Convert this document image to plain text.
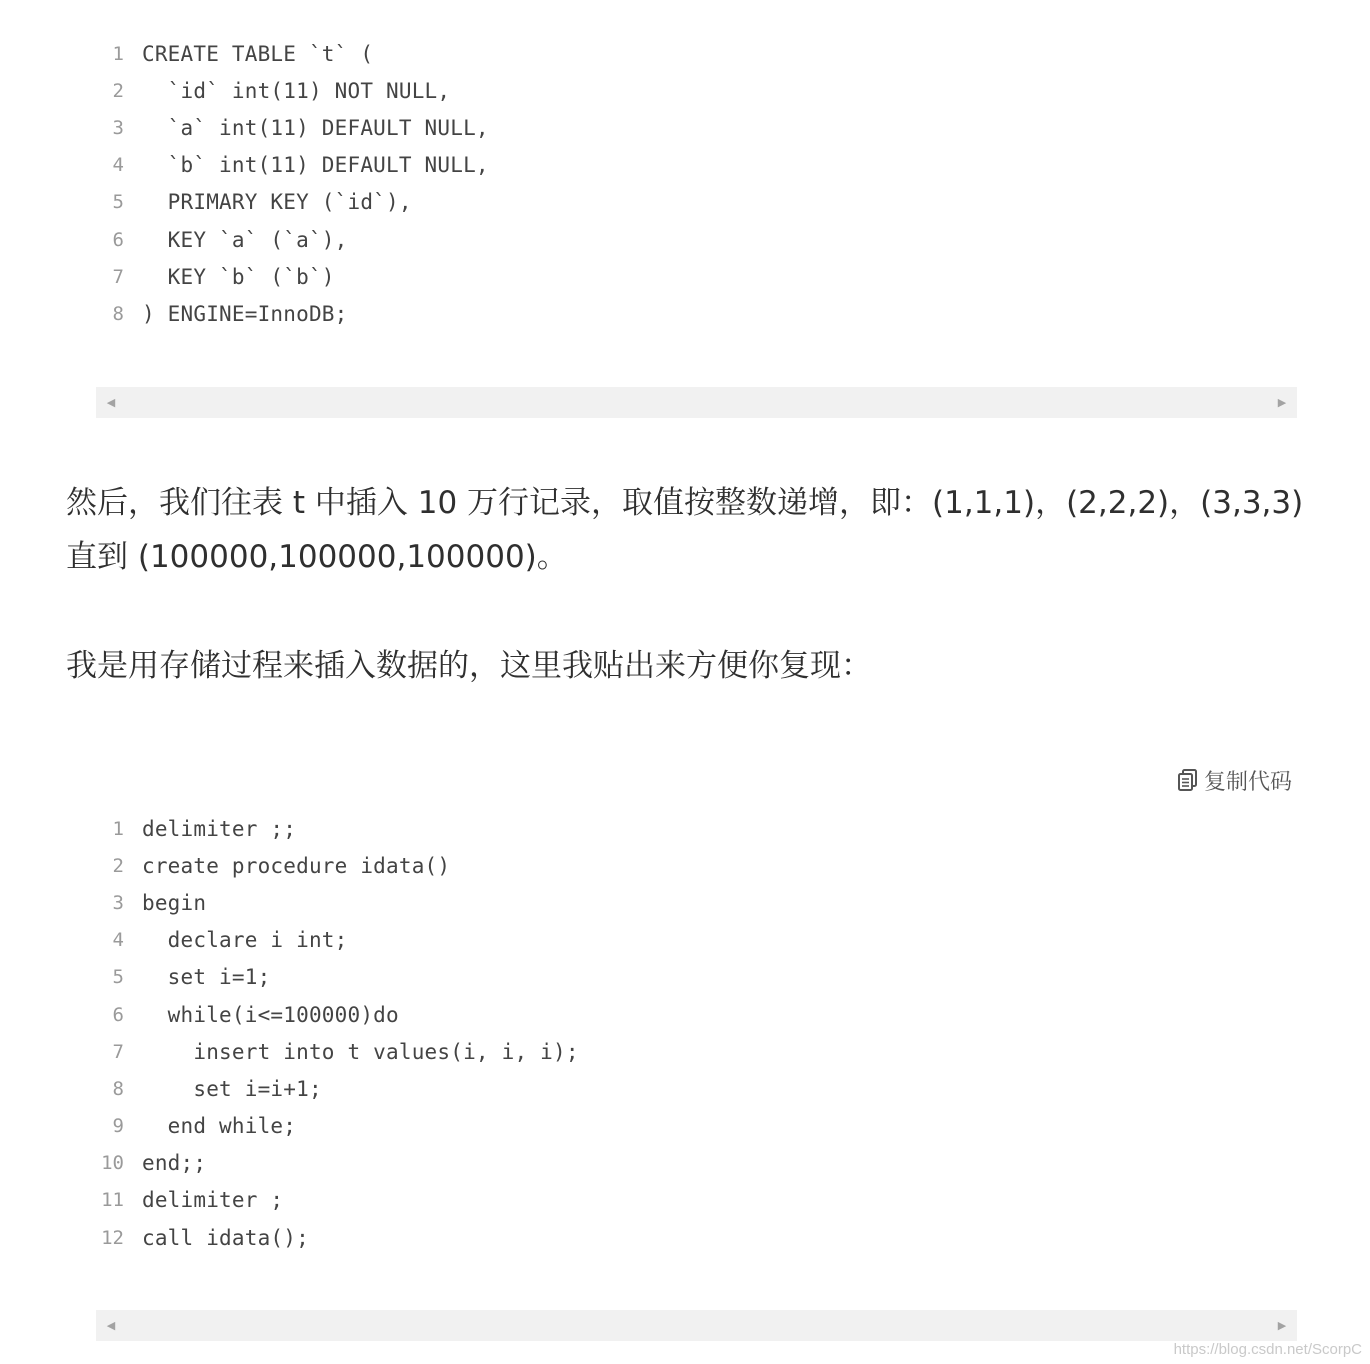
1 CREATE TABLE `t` (
2 `id` int(11) NOT NULL,
3 `a` int(11) DEFAULT NULL,
4 `b` int(11) DEFAULT NULL,
5 PRIMARY KEY (`id`),
6 KEY `a` (`a`),
7 KEY `b` (`b`)
8 ) ENGINE=InnoDB;
◀	▶

然后，我们往表 t 中插入 10 万行记录，取值按整数递增，即：(1,1,1)，(2,2,2)，(3,3,3) 直到 (100000,100000,100000)。

我是用存储过程来插入数据的，这里我贴出来方便你复现：

复制代码
1 delimiter ;;
2 create procedure idata()
3 begin
4 declare i int;
5 set i=1;
6 while(i<=100000)do
7 insert into t values(i, i, i);
8 set i=i+1;
9 end while;
10 end;;
11 delimiter ;
12 call idata();
◀	▶
https://blog.csdn.net/ScorpC
